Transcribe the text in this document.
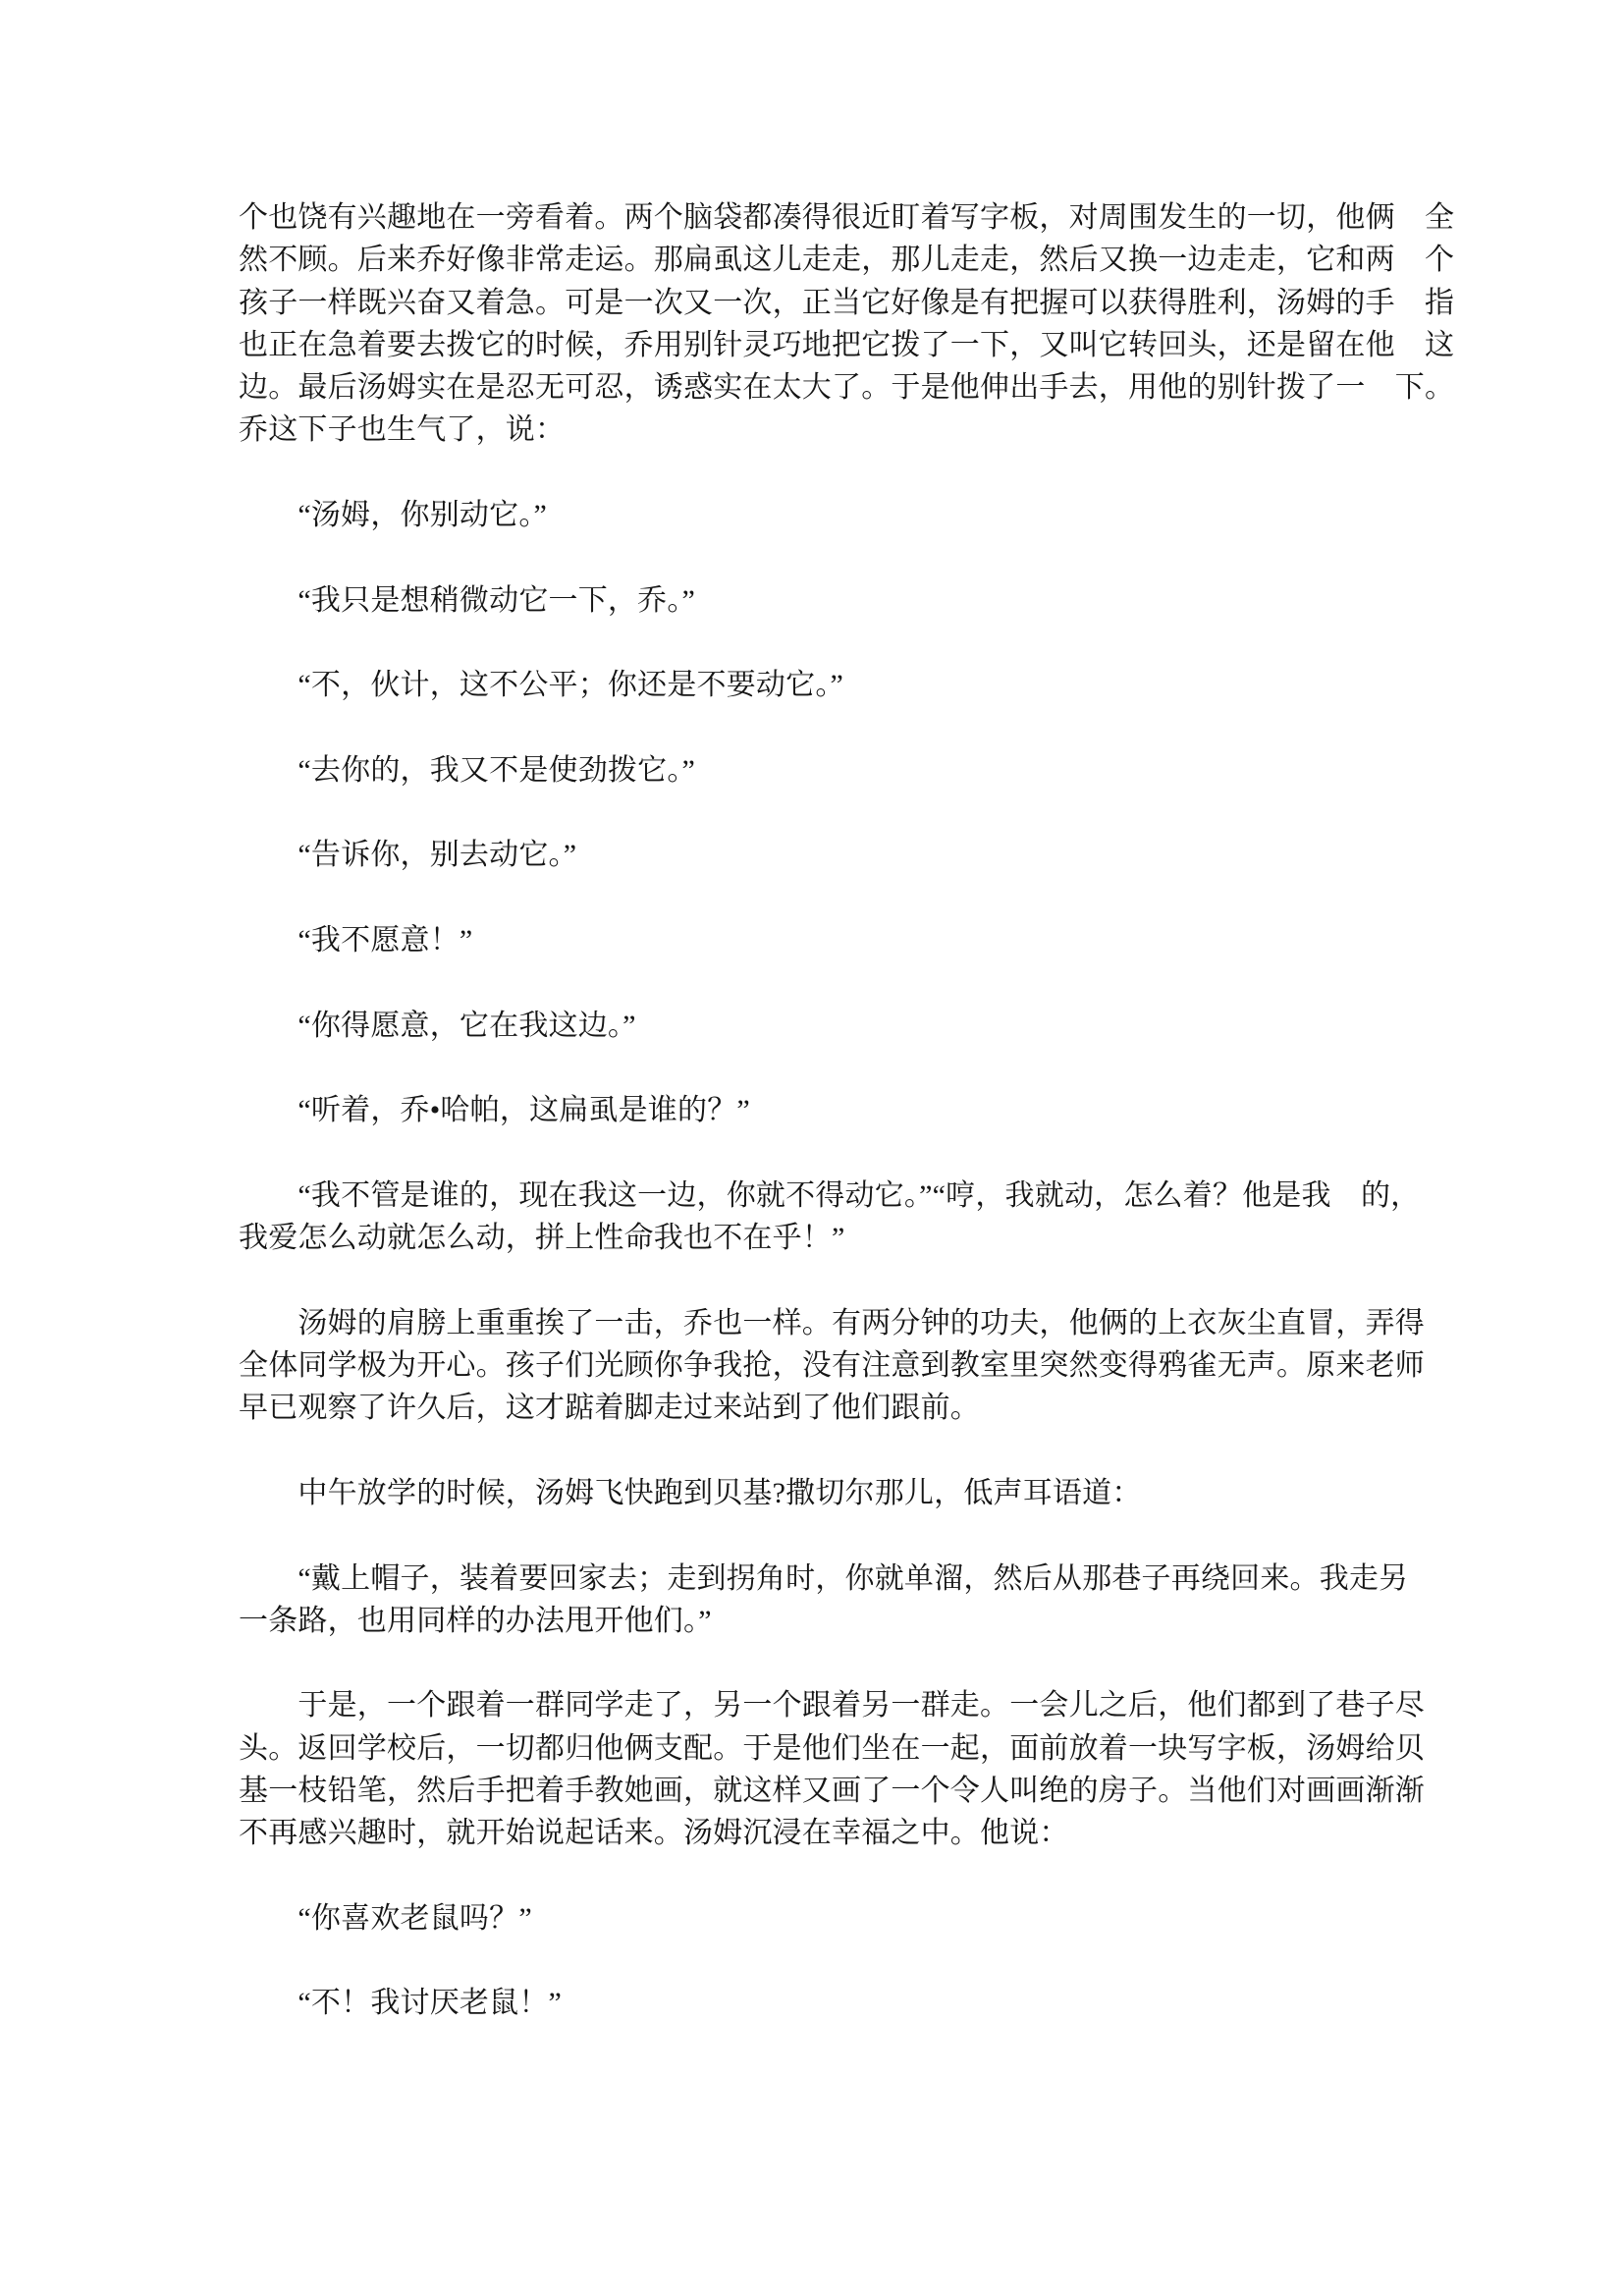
个也饶有兴趣地在一旁看着。两个脑袋都凑得很近盯着写字板，对周围发生的一切，他俩　全
然不顾。后来乔好像非常走运。那扁虱这儿走走，那儿走走，然后又换一边走走，它和两　个
孩子一样既兴奋又着急。可是一次又一次，正当它好像是有把握可以获得胜利，汤姆的手　指
也正在急着要去拨它的时候，乔用别针灵巧地把它拨了一下，又叫它转回头，还是留在他　这
边。最后汤姆实在是忍无可忍，诱惑实在太大了。于是他伸出手去，用他的别针拨了一　下。
乔这下子也生气了，说：
　　“汤姆，你别动它。”
　　“我只是想稍微动它一下，乔。”
　　“不，伙计，这不公平；你还是不要动它。”
　　“去你的，我又不是使劲拨它。”
　　“告诉你，别去动它。”
　　“我不愿意！”
　　“你得愿意，它在我这边。”
　　“听着，乔•哈帕，这扁虱是谁的？”
　　“我不管是谁的，现在我这一边，你就不得动它。”“哼，我就动，怎么着？他是我　的，
我爱怎么动就怎么动，拼上性命我也不在乎！”
　　汤姆的肩膀上重重挨了一击，乔也一样。有两分钟的功夫，他俩的上衣灰尘直冒，弄得
全体同学极为开心。孩子们光顾你争我抢，没有注意到教室里突然变得鸦雀无声。原来老师
早已观察了许久后，这才踮着脚走过来站到了他们跟前。
　　中午放学的时候，汤姆飞快跑到贝基?撒切尔那儿，低声耳语道：
　　“戴上帽子，装着要回家去；走到拐角时，你就单溜，然后从那巷子再绕回来。我走另
一条路，也用同样的办法甩开他们。”
　　于是，一个跟着一群同学走了，另一个跟着另一群走。一会儿之后，他们都到了巷子尽
头。返回学校后，一切都归他俩支配。于是他们坐在一起，面前放着一块写字板，汤姆给贝
基一枝铅笔，然后手把着手教她画，就这样又画了一个令人叫绝的房子。当他们对画画渐渐
不再感兴趣时，就开始说起话来。汤姆沉浸在幸福之中。他说：
　　“你喜欢老鼠吗？”
　　“不！我讨厌老鼠！”
